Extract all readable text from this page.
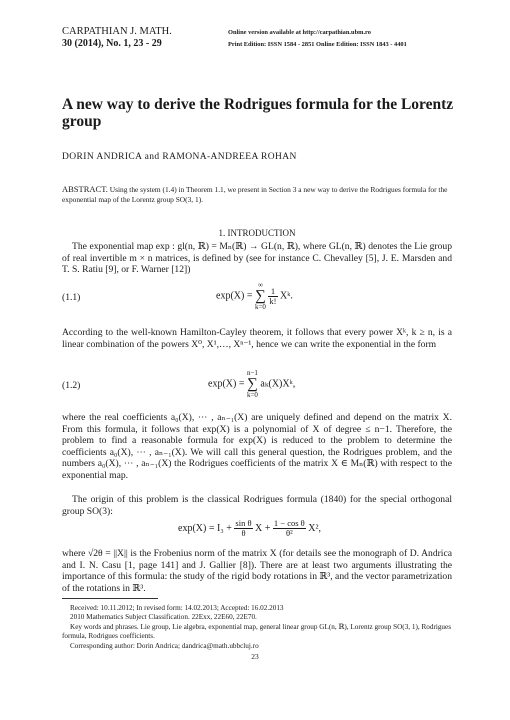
CARPATHIAN J. MATH.
30 (2014), No. 1, 23 - 29
Online version available at http://carpathian.ubm.ro
Print Edition: ISSN 1584 - 2851 Online Edition: ISSN 1843 - 4401
A new way to derive the Rodrigues formula for the Lorentz group
DORIN ANDRICA and RAMONA-ANDREEA ROHAN
ABSTRACT. Using the system (1.4) in Theorem 1.1, we present in Section 3 a new way to derive the Rodrigues formula for the exponential map of the Lorentz group SO(3, 1).
1. INTRODUCTION
The exponential map exp : gl(n, ℝ) = Mₙ(ℝ) → GL(n, ℝ), where GL(n, ℝ) denotes the Lie group of real invertible m × n matrices, is defined by (see for instance C. Chevalley [5], J. E. Marsden and T. S. Ratiu [9], or F. Warner [12])
(1.1)	exp(X) = ∞
∑
k=0
$\frac{1}{k!}$ Xᵏ.
According to the well-known Hamilton-Cayley theorem, it follows that every power Xᵏ, k ≥ n, is a linear combination of the powers X⁰, X¹,…, Xⁿ⁻¹, hence we can write the exponential in the form
(1.2)	exp(X) = n−1
∑
k=0 aₖ(X)Xᵏ,
where the real coefficients a₀(X), ⋯ , aₙ₋₁(X) are uniquely defined and depend on the matrix X. From this formula, it follows that exp(X) is a polynomial of X of degree ≤ n−1. Therefore, the problem to find a reasonable formula for exp(X) is reduced to the problem to determine the coefficients a₀(X), ⋯ , aₙ₋₁(X). We will call this general question, the Rodrigues problem, and the numbers a₀(X), ⋯ , aₙ₋₁(X) the Rodrigues coefficients of the matrix X ∈ Mₙ(ℝ) with respect to the exponential map.
The origin of this problem is the classical Rodrigues formula (1840) for the special orthogonal group SO(3):
$\exp(X) = I_3 + \frac{\text{sin θ}}{\theta}$ $X + \frac{\text{1 − cos θ}}{\text{θ²}} X^2$,
where √2θ = ||X|| is the Frobenius norm of the matrix X (for details see the monograph of D. Andrica and I. N. Casu [1, page 141] and J. Gallier [8]). There are at least two arguments illustrating the importance of this formula: the study of the rigid body rotations in ℝ³, and the vector parametrization of the rotations in ℝ³.
Received: 10.11.2012; In revised form: 14.02.2013; Accepted: 16.02.2013
2010 Mathematics Subject Classification. 22Exx, 22E60, 22E70.
Key words and phrases. Lie group, Lie algebra, exponential map, general linear group GL(n, ℝ), Lorentz group SO(3, 1), Rodrigues formula, Rodrigues coefficients.
Corresponding author: Dorin Andrica; dandrica@math.ubbcluj.ro
23
